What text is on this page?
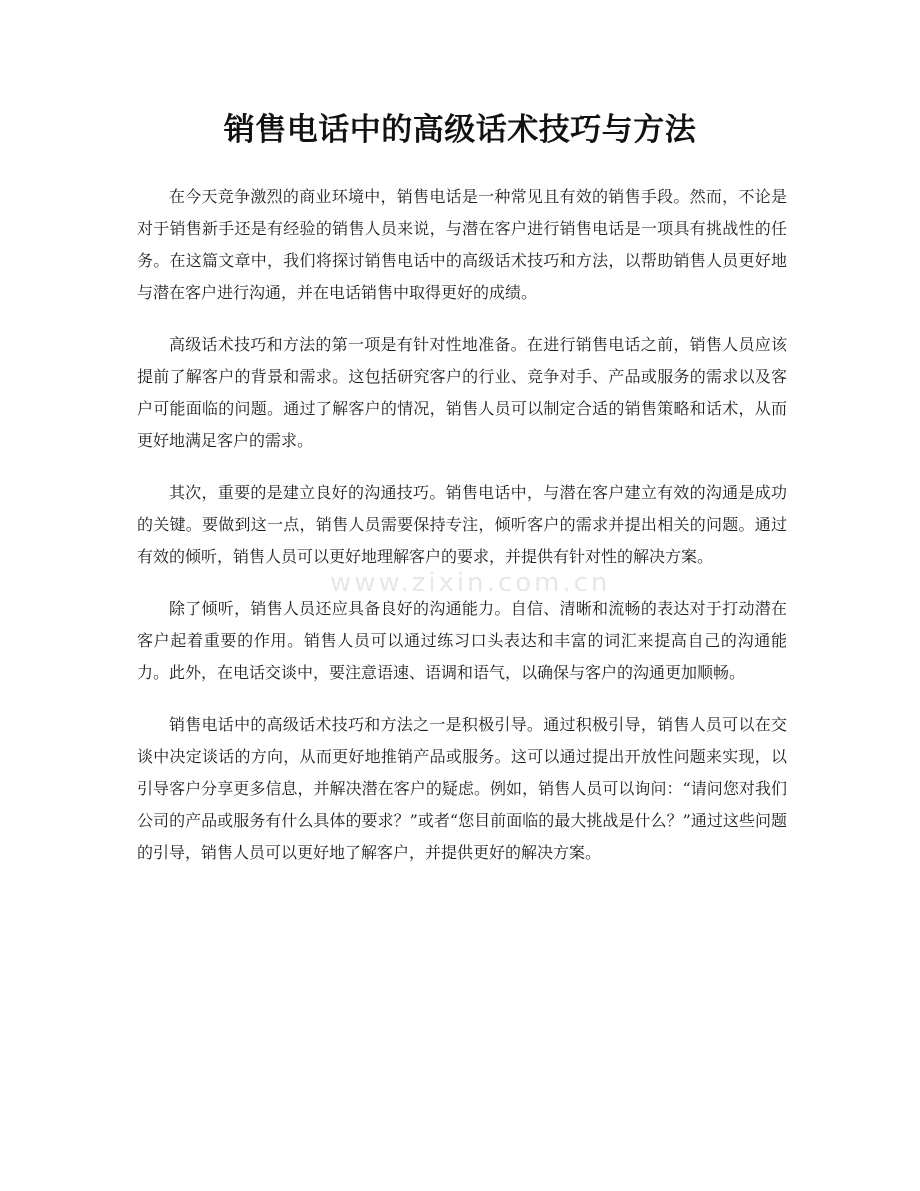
销售电话中的高级话术技巧与方法
www.zixin.com.cn

在今天竞争激烈的商业环境中，销售电话是一种常见且有效的销售手段。然而，不论是对于销售新手还是有经验的销售人员来说，与潜在客户进行销售电话是一项具有挑战性的任务。在这篇文章中，我们将探讨销售电话中的高级话术技巧和方法，以帮助销售人员更好地与潜在客户进行沟通，并在电话销售中取得更好的成绩。

高级话术技巧和方法的第一项是有针对性地准备。在进行销售电话之前，销售人员应该提前了解客户的背景和需求。这包括研究客户的行业、竞争对手、产品或服务的需求以及客户可能面临的问题。通过了解客户的情况，销售人员可以制定合适的销售策略和话术，从而更好地满足客户的需求。

其次，重要的是建立良好的沟通技巧。销售电话中，与潜在客户建立有效的沟通是成功的关键。要做到这一点，销售人员需要保持专注，倾听客户的需求并提出相关的问题。通过有效的倾听，销售人员可以更好地理解客户的要求，并提供有针对性的解决方案。

除了倾听，销售人员还应具备良好的沟通能力。自信、清晰和流畅的表达对于打动潜在客户起着重要的作用。销售人员可以通过练习口头表达和丰富的词汇来提高自己的沟通能力。此外，在电话交谈中，要注意语速、语调和语气，以确保与客户的沟通更加顺畅。

销售电话中的高级话术技巧和方法之一是积极引导。通过积极引导，销售人员可以在交谈中决定谈话的方向，从而更好地推销产品或服务。这可以通过提出开放性问题来实现，以引导客户分享更多信息，并解决潜在客户的疑虑。例如，销售人员可以询问：“请问您对我们公司的产品或服务有什么具体的要求？”或者“您目前面临的最大挑战是什么？”通过这些问题的引导，销售人员可以更好地了解客户，并提供更好的解决方案。
